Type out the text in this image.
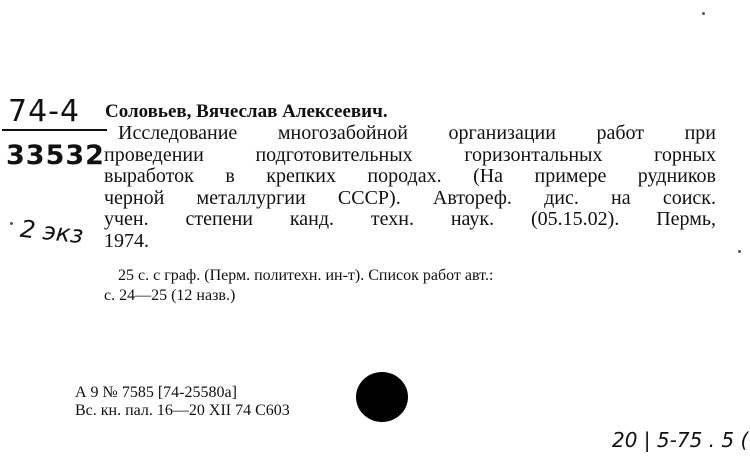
74-4
33532
2 экз
Соловьев, Вячеслав Алексеевич.
Исследование многозабойной организации работ при
проведении подготовительных горизонтальных горных
выработок в крепких породах. (На примере рудников
черной металлургии СССР). Автореф. дис. на соиск.
учен. степени канд. техн. наук. (05.15.02). Пермь,
1974.
25 с. с граф. (Перм. политехн. ин-т). Список работ авт.:
с. 24—25 (12 назв.)
А 9 № 7585 [74-25580а]
Вс. кн. пал. 16—20 XII 74 С603
20 | 5-75 . 5 (
